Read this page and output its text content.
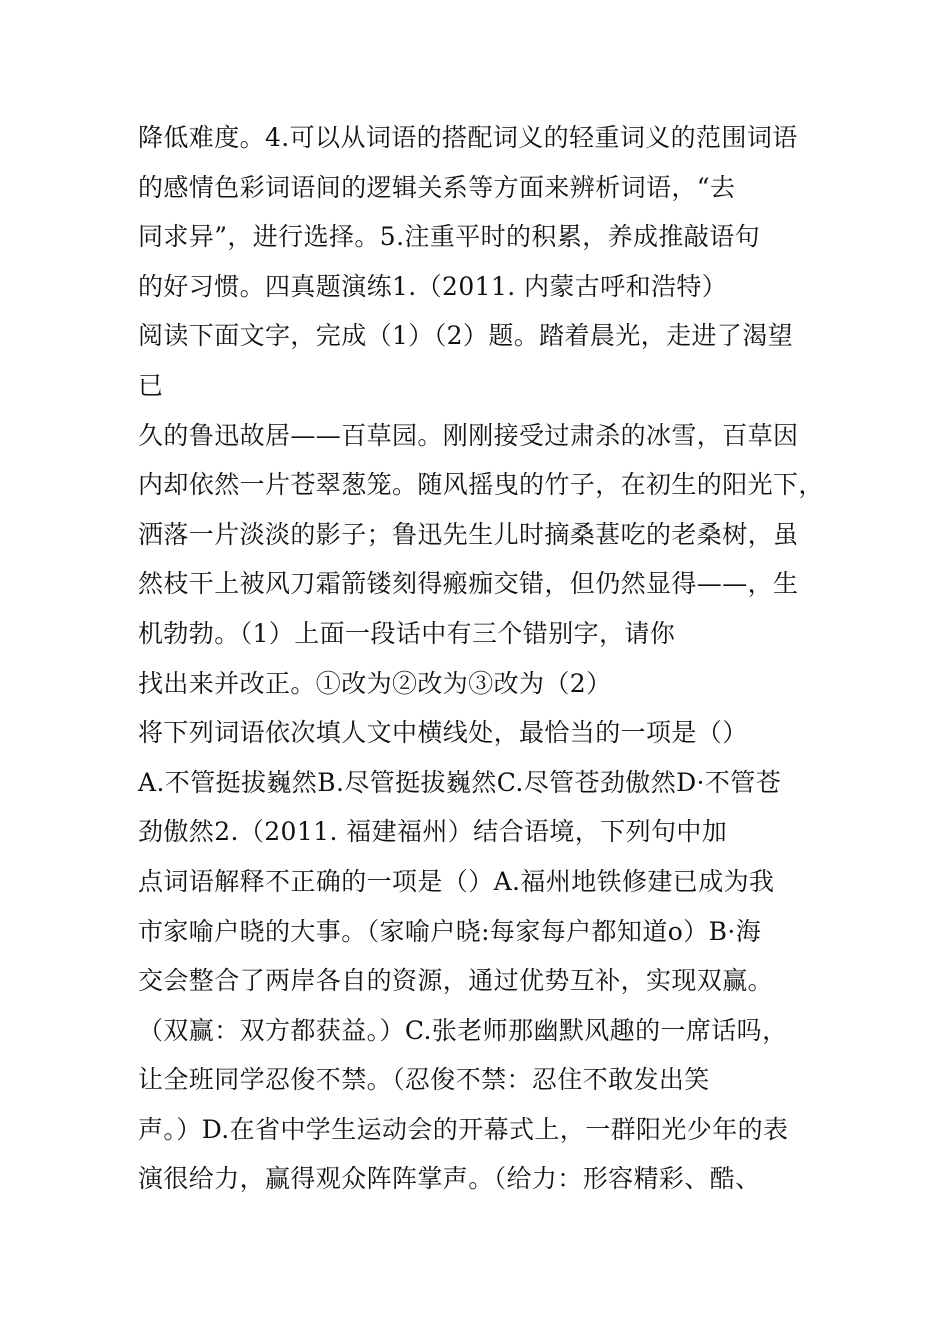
降低难度。4.可以从词语的搭配词义的轻重词义的范围词语
的感情色彩词语间的逻辑关系等方面来辨析词语，“去
同求异”，进行选择。5.注重平时的积累，养成推敲语句
的好习惯。四真题演练1.（2011. 内蒙古呼和浩特）
阅读下面文字，完成（1）（2）题。踏着晨光，走进了渴望
已
久的鲁迅故居——百草园。刚刚接受过肃杀的冰雪，百草因
内却依然一片苍翠葱笼。随风摇曳的竹子，在初生的阳光下，
洒落一片淡淡的影子；鲁迅先生儿时摘桑葚吃的老桑树，虽
然枝干上被风刀霜箭镂刻得瘢痂交错，但仍然显得——，生
机勃勃。（1）上面一段话中有三个错别字，请你
找出来并改正。①改为②改为③改为（2）
将下列词语依次填人文中横线处，最恰当的一项是（）
A.不管挺拔巍然B.尽管挺拔巍然C.尽管苍劲傲然D·不管苍
劲傲然2.（2011. 福建福州）结合语境，下列句中加
点词语解释不正确的一项是（）A.福州地铁修建已成为我
市家喻户晓的大事。（家喻户晓:每家每户都知道o）B·海
交会整合了两岸各自的资源，通过优势互补，实现双赢。
（双赢：双方都获益。）C.张老师那幽默风趣的一席话吗，
让全班同学忍俊不禁。（忍俊不禁：忍住不敢发出笑
声。）D.在省中学生运动会的开幕式上，一群阳光少年的表
演很给力，赢得观众阵阵掌声。（给力：形容精彩、酷、
